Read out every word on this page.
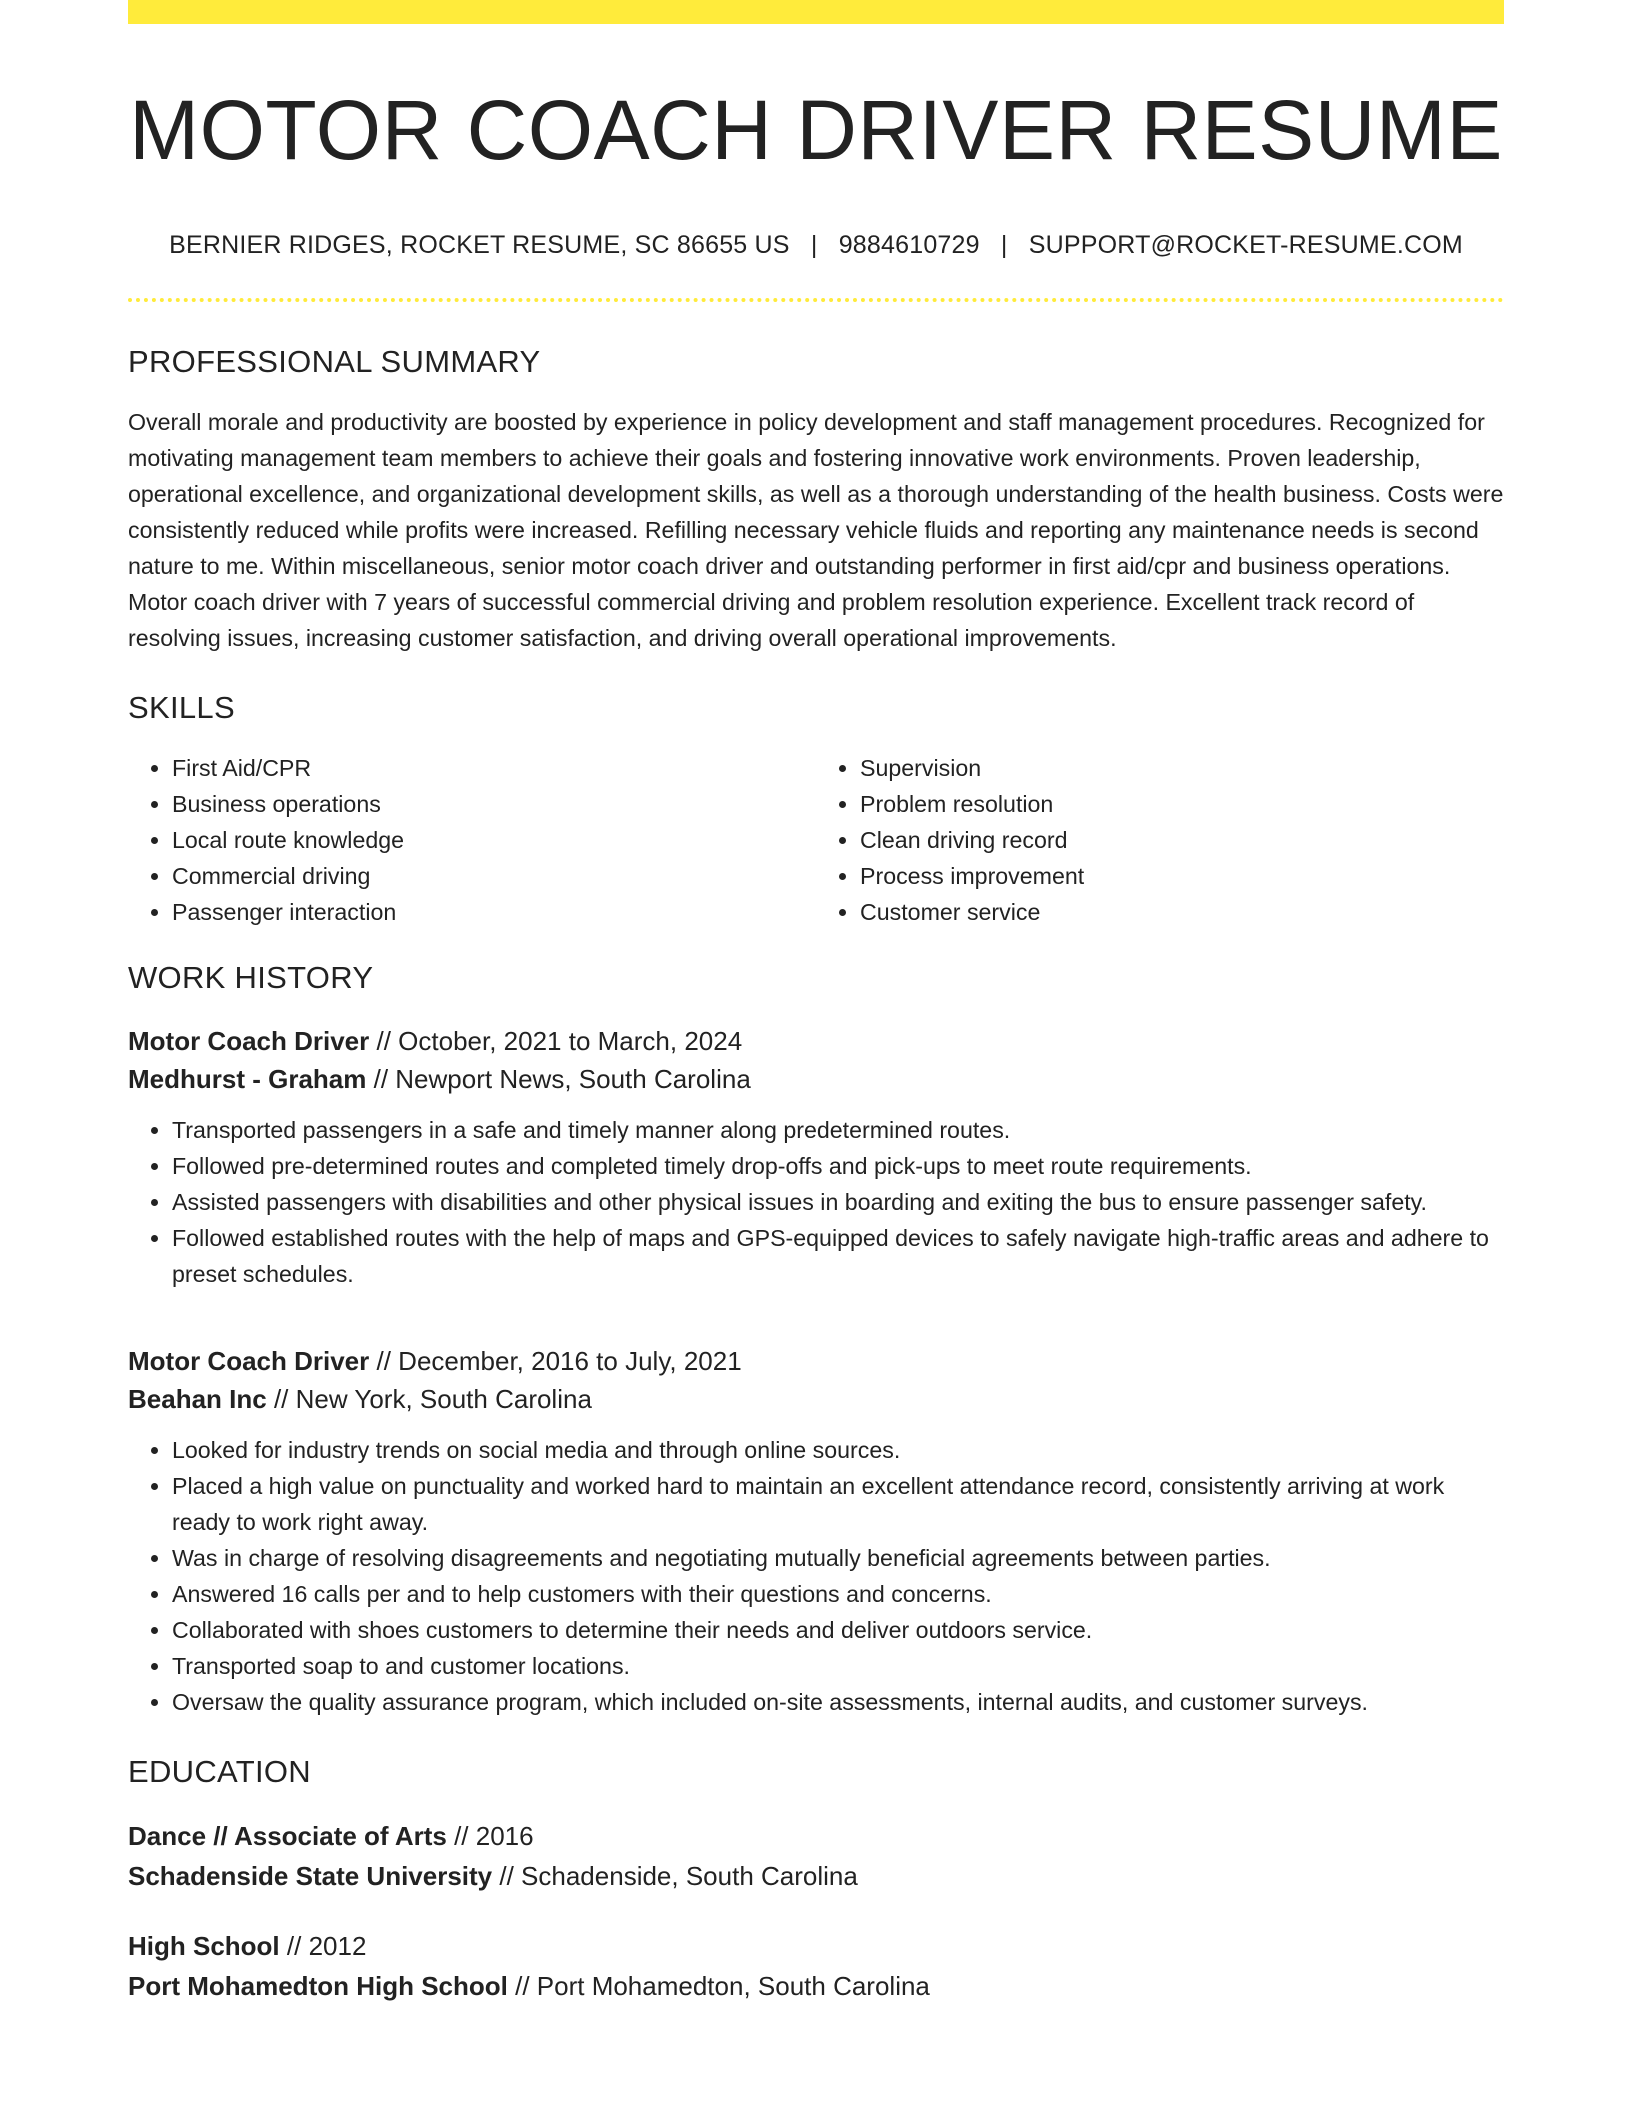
MOTOR COACH DRIVER RESUME
BERNIER RIDGES, ROCKET RESUME, SC 86655 US | 9884610729 | SUPPORT@ROCKET-RESUME.COM
PROFESSIONAL SUMMARY

Overall morale and productivity are boosted by experience in policy development and staff management procedures. Recognized for motivating management team members to achieve their goals and fostering innovative work environments. Proven leadership, operational excellence, and organizational development skills, as well as a thorough understanding of the health business. Costs were consistently reduced while profits were increased. Refilling necessary vehicle fluids and reporting any maintenance needs is second nature to me. Within miscellaneous, senior motor coach driver and outstanding performer in first aid/cpr and business operations. Motor coach driver with 7 years of successful commercial driving and problem resolution experience. Excellent track record of resolving issues, increasing customer satisfaction, and driving overall operational improvements.

SKILLS
• First Aid/CPR
• Business operations
• Local route knowledge
• Commercial driving
• Passenger interaction
• Supervision
• Problem resolution
• Clean driving record
• Process improvement
• Customer service
WORK HISTORY
Motor Coach Driver // October, 2021 to March, 2024
Medhurst - Graham // Newport News, South Carolina
• Transported passengers in a safe and timely manner along predetermined routes.
• Followed pre-determined routes and completed timely drop-offs and pick-ups to meet route requirements.
• Assisted passengers with disabilities and other physical issues in boarding and exiting the bus to ensure passenger safety.
• Followed established routes with the help of maps and GPS-equipped devices to safely navigate high-traffic areas and adhere to preset schedules.
Motor Coach Driver // December, 2016 to July, 2021
Beahan Inc // New York, South Carolina
• Looked for industry trends on social media and through online sources.
• Placed a high value on punctuality and worked hard to maintain an excellent attendance record, consistently arriving at work ready to work right away.
• Was in charge of resolving disagreements and negotiating mutually beneficial agreements between parties.
• Answered 16 calls per and to help customers with their questions and concerns.
• Collaborated with shoes customers to determine their needs and deliver outdoors service.
• Transported soap to and customer locations.
• Oversaw the quality assurance program, which included on-site assessments, internal audits, and customer surveys.
EDUCATION
Dance // Associate of Arts // 2016
Schadenside State University // Schadenside, South Carolina
High School // 2012
Port Mohamedton High School // Port Mohamedton, South Carolina
